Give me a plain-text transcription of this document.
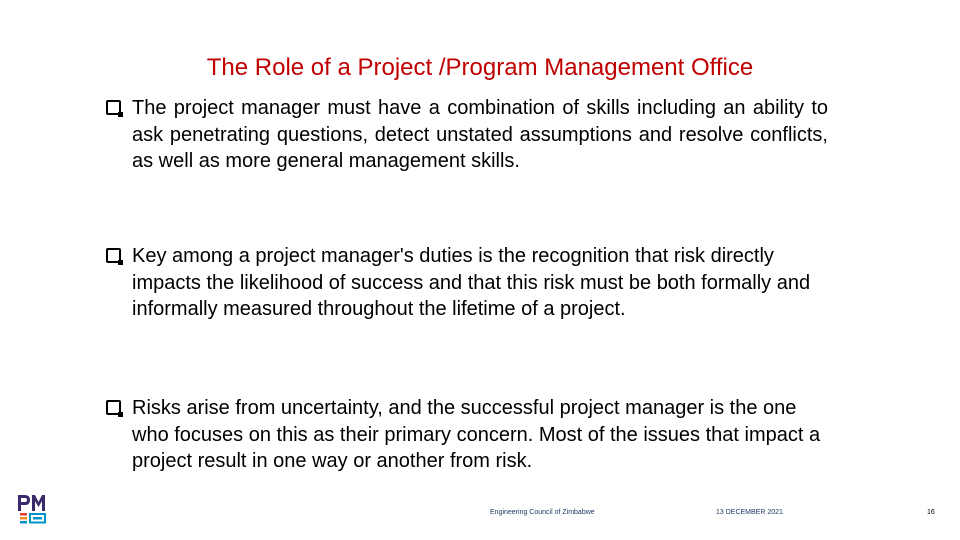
The Role of a Project /Program Management Office
The project manager must have a combination of skills including an ability to ask penetrating questions, detect unstated assumptions and resolve conflicts, as well as more general management skills.
Key among a project manager's duties is the recognition that risk directly impacts the likelihood of success and that this risk must be both formally and informally measured throughout the lifetime of a project.
Risks arise from uncertainty, and the successful project manager is the one who focuses on this as their primary concern. Most of the issues that impact a project result in one way or another from risk.
Engineering Council of Zimbabwe	13 DECEMBER 2021	16
